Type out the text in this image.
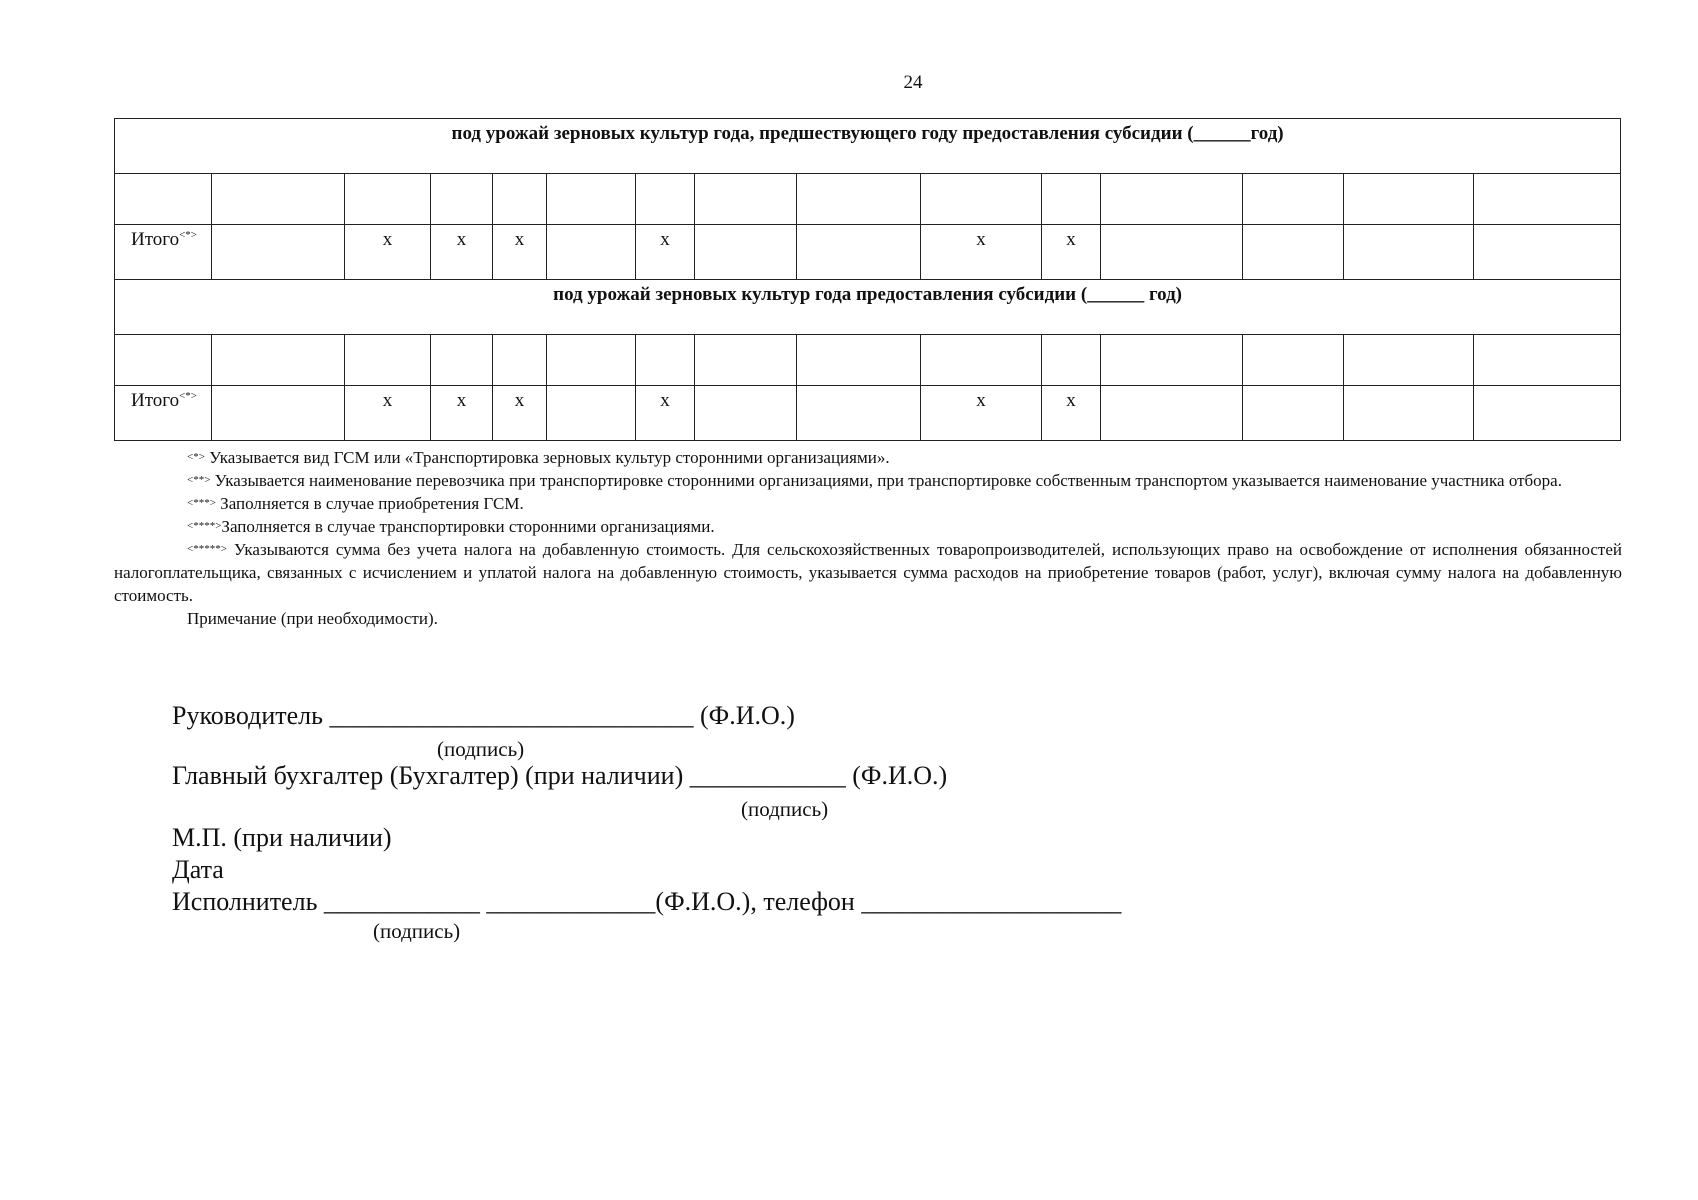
24
под урожай зерновых культур года, предшествующего году предоставления субсидии (______год)														

Итого<*>		x	x	x		x			x	x				
под урожай зерновых культур года предоставления субсидии (______ год)														

Итого<*>		x	x	x		x			x	x				

<*> Указывается вид ГСМ или «Транспортировка зерновых культур сторонними организациями».

<**> Указывается наименование перевозчика при транспортировке сторонними организациями, при транспортировке собственным транспортом указывается наименование участника отбора.

<***> Заполняется в случае приобретения ГСМ.

<****>Заполняется в случае транспортировки сторонними организациями.

<*****> Указываются сумма без учета налога на добавленную стоимость. Для сельскохозяйственных товаропроизводителей, использующих право на освобождение от исполнения обязанностей налогоплательщика, связанных с исчислением и уплатой налога на добавленную стоимость, указывается сумма расходов на приобретение товаров (работ, услуг), включая сумму налога на добавленную стоимость.

Примечание (при необходимости).

Руководитель ____________________________ (Ф.И.О.)
(подпись)
Главный бухгалтер (Бухгалтер) (при наличии) ____________ (Ф.И.О.)
(подпись)
М.П. (при наличии)
Дата
Исполнитель ____________ _____________(Ф.И.О.), телефон ____________________
(подпись)
